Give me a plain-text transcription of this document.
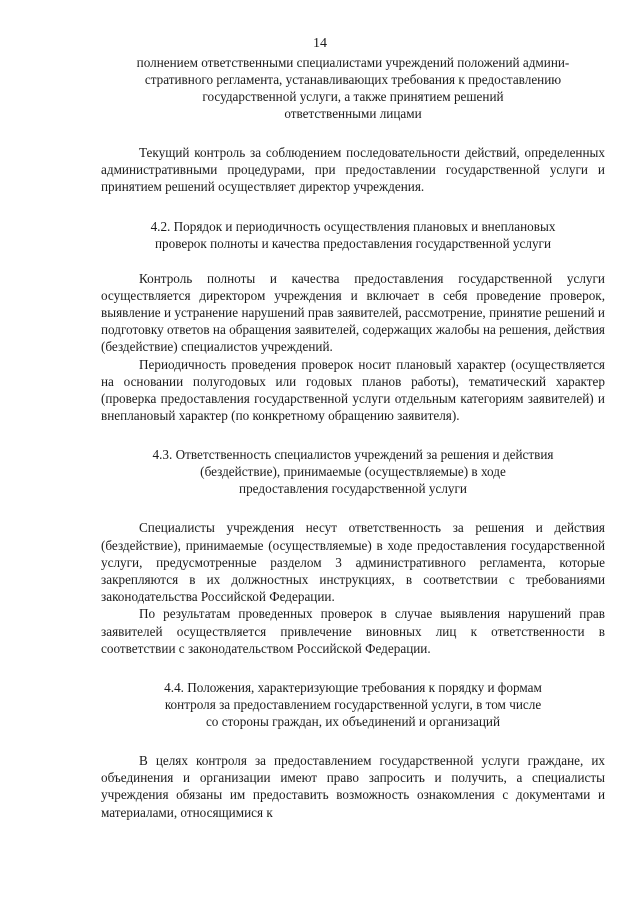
14
полнением ответственными специалистами учреждений положений админи-
стративного регламента, устанавливающих требования к предоставлению
государственной услуги, а также принятием решений
ответственными лицами

Текущий контроль за соблюдением последовательности действий, определенных административными процедурами, при предоставлении государственной услуги и принятием решений осуществляет директор учреждения.

4.2. Порядок и периодичность осуществления плановых и внеплановых
проверок полноты и качества предоставления государственной услуги

Контроль полноты и качества предоставления государственной услуги осуществляется директором учреждения и включает в себя проведение проверок, выявление и устранение нарушений прав заявителей, рассмотрение, принятие решений и подготовку ответов на обращения заявителей, содержащих жалобы на решения, действия (бездействие) специалистов учреждений.

Периодичность проведения проверок носит плановый характер (осуществляется на основании полугодовых или годовых планов работы), тематический характер (проверка предоставления государственной услуги отдельным категориям заявителей) и внеплановый характер (по конкретному обращению заявителя).

4.3. Ответственность специалистов учреждений за решения и действия
(бездействие), принимаемые (осуществляемые) в ходе
предоставления государственной услуги

Специалисты учреждения несут ответственность за решения и действия (бездействие), принимаемые (осуществляемые) в ходе предоставления государственной услуги, предусмотренные разделом 3 административного регламента, которые закрепляются в их должностных инструкциях, в соответствии с требованиями законодательства Российской Федерации.

По результатам проведенных проверок в случае выявления нарушений прав заявителей осуществляется привлечение виновных лиц к ответственности в соответствии с законодательством Российской Федерации.

4.4. Положения, характеризующие требования к порядку и формам
контроля за предоставлением государственной услуги, в том числе
со стороны граждан, их объединений и организаций

В целях контроля за предоставлением государственной услуги граждане, их объединения и организации имеют право запросить и получить, а специалисты учреждения обязаны им предоставить возможность ознакомления с документами и материалами, относящимися к
